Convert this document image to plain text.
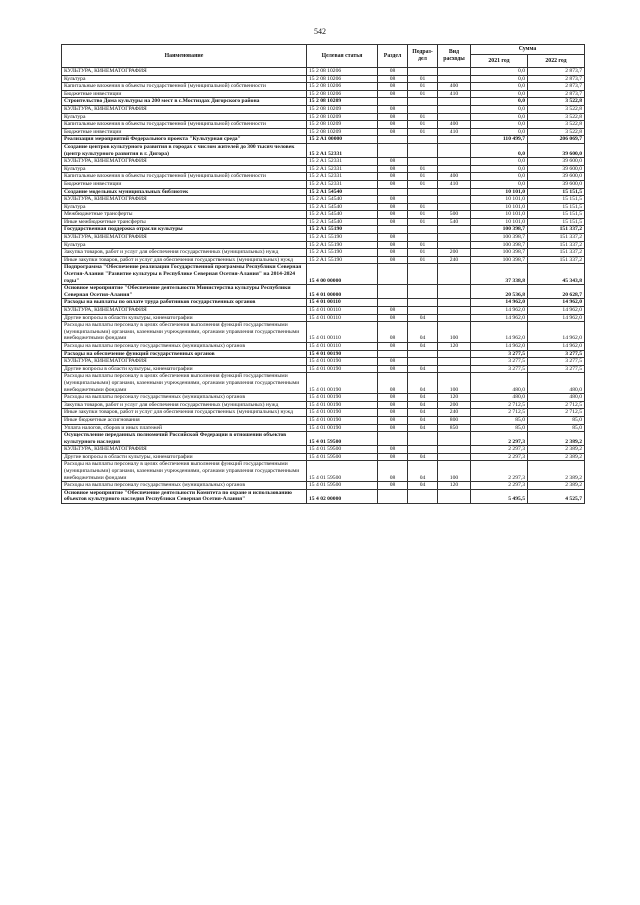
542
Наименование	Целевая статья	Раздел	Подраз-
дел	Вид расходы	Сумма	
					2021 год	2022 год
КУЛЬТУРА, КИНЕМАТОГРАФИЯ	15 2 08 10206	08			0,0	2 873,7
Культура	15 2 08 10206	08	01		0,0	2 873,7
Капитальные вложения в объекты государственной (муниципальной) собственности	15 2 08 10206	08	01	400	0,0	2 873,7
Бюджетные инвестиции	15 2 08 10206	08	01	410	0,0	2 873,7
Строительство Дома культуры на 200 мест в с.Мостиздах Дигорского района	15 2 08 10209				0,0	3 522,8
КУЛЬТУРА, КИНЕМАТОГРАФИЯ	15 2 08 10209	08			0,0	3 522,8
Культура	15 2 08 10209	08	01		0,0	3 522,8
Капитальные вложения в объекты государственной (муниципальной) собственности	15 2 08 10209	08	01	400	0,0	3 522,8
Бюджетные инвестиции	15 2 08 10209	08	01	410	0,0	3 522,8
Реализация мероприятий Федерального проекта "Культурная среда"	15 2 A1 00000				110 499,7	206 069,7
Создание центров культурного развития в городах с числом жителей до 300 тысяч человек (центр культурного развития в г. Дигора)	15 2 A1 52331				0,0	39 600,0
КУЛЬТУРА, КИНЕМАТОГРАФИЯ	15 2 A1 52331	08			0,0	39 600,0
Культура	15 2 A1 52331	08	01		0,0	39 600,0
Капитальные вложения в объекты государственной (муниципальной) собственности	15 2 A1 52331	08	01	400	0,0	39 600,0
Бюджетные инвестиции	15 2 A1 52331	08	01	410	0,0	39 600,0
Создание модельных муниципальных библиотек	15 2 A1 54540				10 101,0	15 151,5
КУЛЬТУРА, КИНЕМАТОГРАФИЯ	15 2 A1 54540	08			10 101,0	15 151,5
Культура	15 2 A1 54540	08	01		10 101,0	15 151,5
Межбюджетные трансферты	15 2 A1 54540	08	01	500	10 101,0	15 151,5
Иные межбюджетные трансферты	15 2 A1 54540	08	01	540	10 101,0	15 151,5
Государственная поддержка отрасли культуры	15 2 A1 55190				100 398,7	151 337,2
КУЛЬТУРА, КИНЕМАТОГРАФИЯ	15 2 A1 55190	08			100 398,7	151 337,2
Культура	15 2 A1 55190	08	01		100 398,7	151 337,2
Закупка товаров, работ и услуг для обеспечения государственных (муниципальных) нужд	15 2 A1 55190	08	01	200	100 398,7	151 337,2
Иные закупки товаров, работ и услуг для обеспечения государственных (муниципальных) нужд	15 2 A1 55190	08	01	240	100 398,7	151 337,2
Подпрограмма "Обеспечение реализации Государственной программы Республики Северная Осетия-Алания "Развитие культуры в Республике Северная Осетия-Алания" на 2014-2024 годы"	15 4 00 00000				37 338,8	45 343,8
Основное мероприятие "Обеспечение деятельности Министерства культуры Республики Северная Осетия-Алания"	15 4 01 00000				20 536,8	20 628,7
Расходы на выплаты по оплате труда работников государственных органов	15 4 01 00110				14 962,0	14 962,0
КУЛЬТУРА, КИНЕМАТОГРАФИЯ	15 4 01 00110	08			14 962,0	14 962,0
Другие вопросы в области культуры, кинематографии	15 4 01 00110	08	04		14 962,0	14 962,0
Расходы на выплаты персоналу в целях обеспечения выполнения функций государственными (муниципальными) органами, казенными учреждениями, органами управления государственными внебюджетными фондами	15 4 01 00110	08	04	100	14 962,0	14 962,0
Расходы на выплаты персоналу государственных (муниципальных) органов	15 4 01 00110	08	04	120	14 962,0	14 962,0
Расходы на обеспечение функций государственных органов	15 4 01 00190				3 277,5	3 277,5
КУЛЬТУРА, КИНЕМАТОГРАФИЯ	15 4 01 00190	08			3 277,5	3 277,5
Другие вопросы в области культуры, кинематографии	15 4 01 00190	08	04		3 277,5	3 277,5
Расходы на выплаты персоналу в целях обеспечения выполнения функций государственными (муниципальными) органами, казенными учреждениями, органами управления государственными внебюджетными фондами	15 4 01 00190	08	04	100	480,0	480,0
Расходы на выплаты персоналу государственных (муниципальных) органов	15 4 01 00190	08	04	120	480,0	480,0
Закупка товаров, работ и услуг для обеспечения государственных (муниципальных) нужд	15 4 01 00190	08	04	200	2 712,5	2 712,5
Иные закупки товаров, работ и услуг для обеспечения государственных (муниципальных) нужд	15 4 01 00190	08	04	240	2 712,5	2 712,5
Иные бюджетные ассигнования	15 4 01 00190	08	04	800	85,0	85,0
Уплата налогов, сборов и иных платежей	15 4 01 00190	08	04	850	85,0	85,0
Осуществление переданных полномочий Российской Федерации в отношении объектов культурного наследия	15 4 01 59500				2 297,3	2 389,2
КУЛЬТУРА, КИНЕМАТОГРАФИЯ	15 4 01 59500	08			2 297,3	2 389,2
Другие вопросы в области культуры, кинематографии	15 4 01 59500	08	04		2 297,3	2 389,2
Расходы на выплаты персоналу в целях обеспечения выполнения функций государственными (муниципальными) органами, казенными учреждениями, органами управления государственными внебюджетными фондами	15 4 01 59500	08	04	100	2 297,3	2 389,2
Расходы на выплаты персоналу государственных (муниципальных) органов	15 4 01 59500	08	04	120	2 297,3	2 389,2
Основное мероприятие "Обеспечение деятельности Комитета по охране и использованию объектов культурного наследия Республики Северная Осетия-Алания"	15 4 02 00000				5 495,5	4 525,7
